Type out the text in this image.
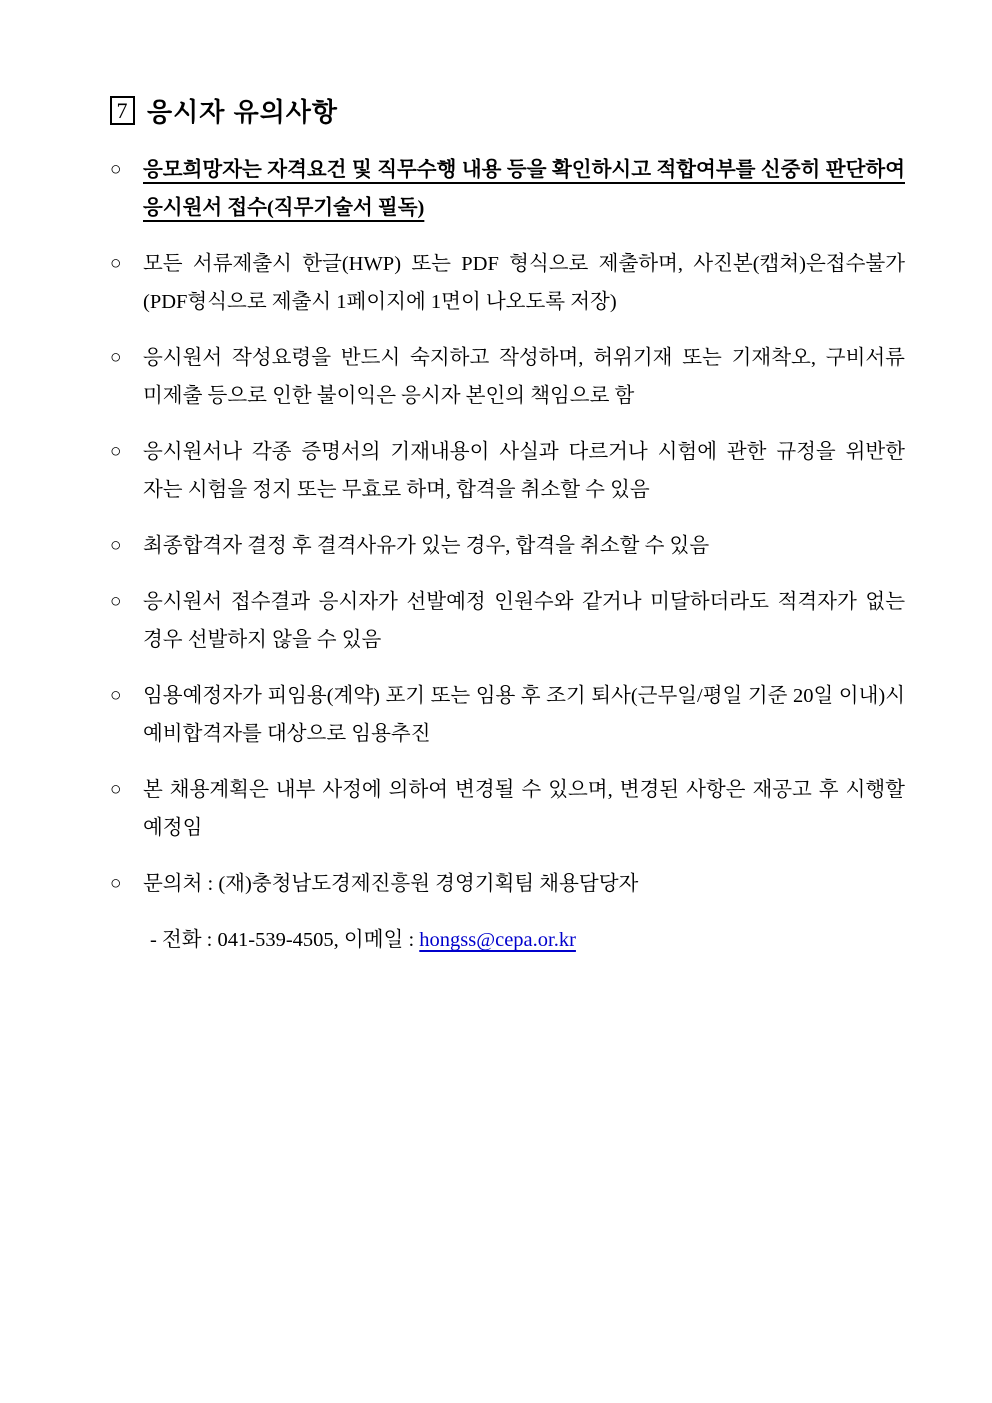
7 응시자 유의사항
○ 응모희망자는 자격요건 및 직무수행 내용 등을 확인하시고 적합여부를 신중히 판단하여 응시원서 접수(직무기술서 필독)
○ 모든 서류제출시 한글(HWP) 또는 PDF 형식으로 제출하며, 사진본(캡쳐)은접수불가(PDF형식으로 제출시 1페이지에 1면이 나오도록 저장)
○ 응시원서 작성요령을 반드시 숙지하고 작성하며, 허위기재 또는 기재착오, 구비서류 미제출 등으로 인한 불이익은 응시자 본인의 책임으로 함
○ 응시원서나 각종 증명서의 기재내용이 사실과 다르거나 시험에 관한 규정을 위반한 자는 시험을 정지 또는 무효로 하며, 합격을 취소할 수 있음
○ 최종합격자 결정 후 결격사유가 있는 경우, 합격을 취소할 수 있음
○ 응시원서 접수결과 응시자가 선발예정 인원수와 같거나 미달하더라도 적격자가 없는 경우 선발하지 않을 수 있음
○ 임용예정자가 피임용(계약) 포기 또는 임용 후 조기 퇴사(근무일/평일 기준 20일 이내)시 예비합격자를 대상으로 임용추진
○ 본 채용계획은 내부 사정에 의하여 변경될 수 있으며, 변경된 사항은 재공고 후 시행할 예정임
○ 문의처 : (재)충청남도경제진흥원 경영기획팀 채용담당자
- 전화 : 041-539-4505, 이메일 : hongss@cepa.or.kr
